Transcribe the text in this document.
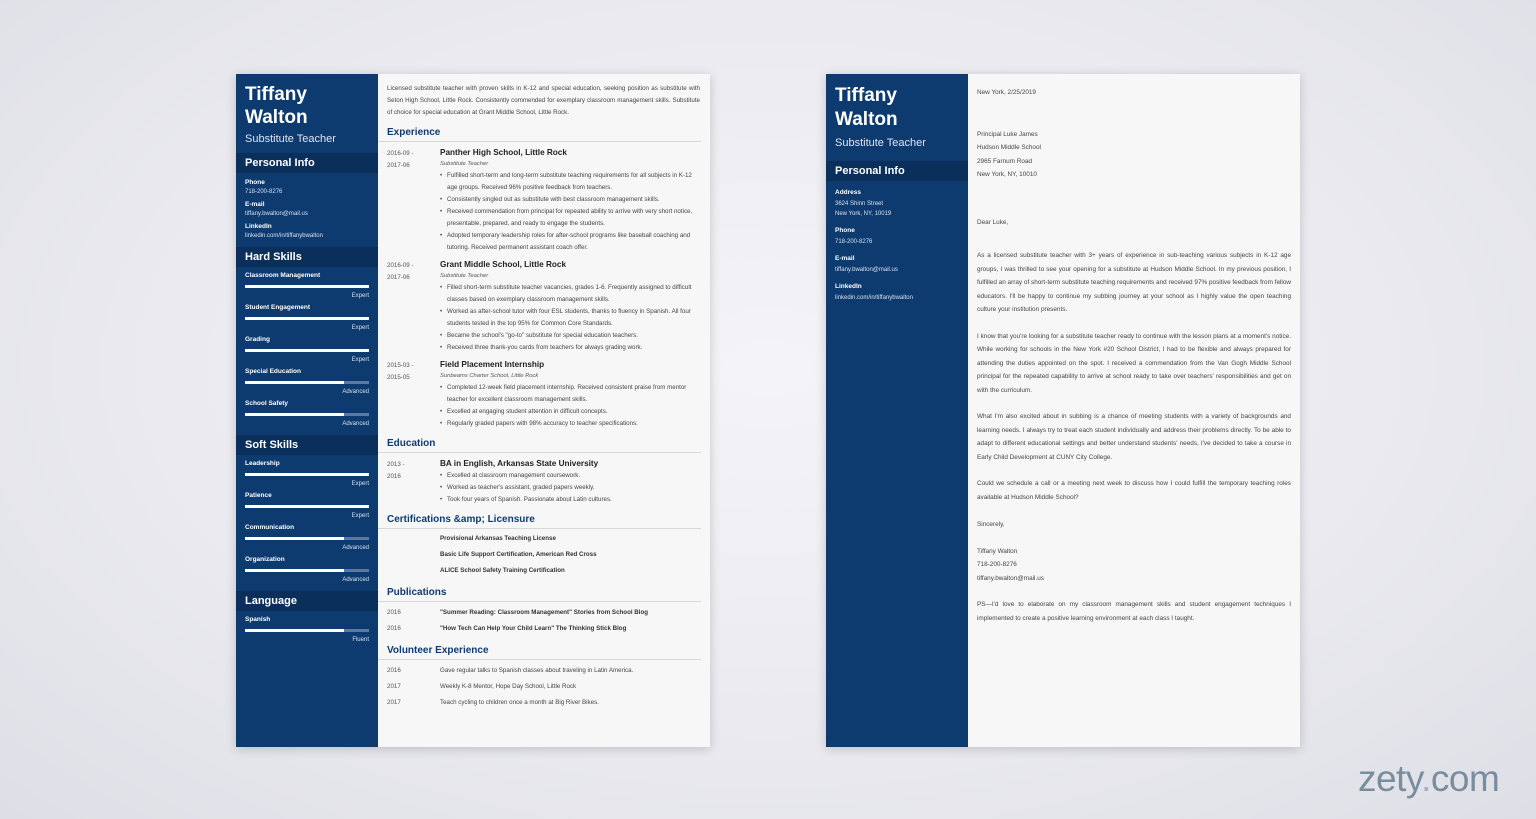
Tiffany
Walton
Substitute Teacher
Personal Info
Phone
718-200-8276
E-mail
tiffany.bwalton@mail.us
LinkedIn
linkedin.com/in/tiffanybwalton
Hard Skills
Classroom Management
Expert
Student Engagement
Expert
Grading
Expert
Special Education
Advanced
School Safety
Advanced
Soft Skills
Leadership
Expert
Patience
Expert
Communication
Advanced
Organization
Advanced
Language
Spanish
Fluent
Licensed substitute teacher with proven skills in K-12 and special education, seeking position as substitute with Seton High School, Little Rock. Consistently commended for exemplary classroom management skills. Substitute of choice for special education at Grant Middle School, Little Rock.
Experience
2016-09 -
2017-06
Panther High School, Little Rock
Substitute Teacher
• Fulfilled short-term and long-term substitute teaching requirements for all subjects in K-12 age groups. Received 96% positive feedback from teachers.
• Consistently singled out as substitute with best classroom management skills.
• Received commendation from principal for repeated ability to arrive with very short notice, presentable, prepared, and ready to engage the students.
• Adopted temporary leadership roles for after-school programs like baseball coaching and tutoring. Received permanent assistant coach offer.
2016-09 -
2017-06
Grant Middle School, Little Rock
Substitute Teacher
• Filled short-term substitute teacher vacancies, grades 1-6. Frequently assigned to difficult classes based on exemplary classroom management skills.
• Worked as after-school tutor with four ESL students, thanks to fluency in Spanish. All four students tested in the top 95% for Common Core Standards.
• Became the school's "go-to" substitute for special education teachers.
• Received three thank-you cards from teachers for always grading work.
2015-03 -
2015-05
Field Placement Internship
Sunbeams Charter School, Little Rock
• Completed 12-week field placement internship. Received consistent praise from mentor teacher for excellent classroom management skills.
• Excelled at engaging student attention in difficult concepts.
• Regularly graded papers with 98% accuracy to teacher specifications.
Education
2013 -
2016
BA in English, Arkansas State University
• Excelled at classroom management coursework.
• Worked as teacher's assistant, graded papers weekly.
• Took four years of Spanish. Passionate about Latin cultures.
Certifications &amp; Licensure
Provisional Arkansas Teaching License
Basic Life Support Certification, American Red Cross
ALICE School Safety Training Certification
Publications
2016	"Summer Reading: Classroom Management" Stories from School Blog
2016	"How Tech Can Help Your Child Learn" The Thinking Stick Blog
Volunteer Experience
2016	Gave regular talks to Spanish classes about traveling in Latin America.
2017	Weekly K-8 Mentor, Hope Day School, Little Rock
2017	Teach cycling to children once a month at Big River Bikes.
Tiffany
Walton
Substitute Teacher
Personal Info
Address
3624 Shinn Street
New York, NY, 10019
Phone
718-200-8276
E-mail
tiffany.bwalton@mail.us
LinkedIn
linkedin.com/in/tiffanybwalton

New York, 2/25/2019

Principal Luke James

Hudson Middle School

2965 Farnum Road

New York, NY, 10010

Dear Luke,

As a licensed substitute teacher with 3+ years of experience in sub-teaching various subjects in K-12 age groups, I was thrilled to see your opening for a substitute at Hudson Middle School. In my previous position, I fulfilled an array of short-term substitute teaching requirements and received 97% positive feedback from fellow educators. I'll be happy to continue my subbing journey at your school as I highly value the open teaching culture your institution presents.

I know that you're looking for a substitute teacher ready to continue with the lesson plans at a moment's notice. While working for schools in the New York #20 School District, I had to be flexible and always prepared for attending the duties appointed on the spot. I received a commendation from the Van Gogh Middle School principal for the repeated capability to arrive at school ready to take over teachers' responsibilities and get on with the curriculum.

What I'm also excited about in subbing is a chance of meeting students with a variety of backgrounds and learning needs. I always try to treat each student individually and address their problems directly. To be able to adapt to different educational settings and better understand students' needs, I've decided to take a course in Early Child Development at CUNY City College.

Could we schedule a call or a meeting next week to discuss how I could fulfill the temporary teaching roles available at Hudson Middle School?

Sincerely,

Tiffany Walton

718-200-8276

tiffany.bwalton@mail.us

PS—I'd love to elaborate on my classroom management skills and student engagement techniques I implemented to create a positive learning environment at each class I taught.

zety.com
